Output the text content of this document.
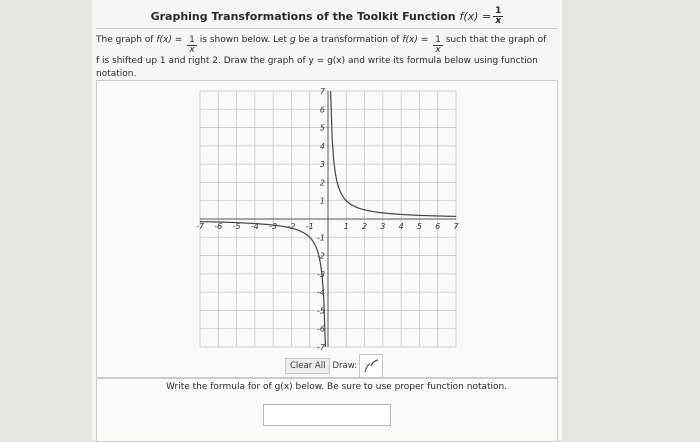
Graphing Transformations of the Toolkit Function
$f(x) = \frac{1}{x}$
The graph of $f(x) = \frac{1}{x}$ is shown below. Let g be a transformation of $f(x) = \frac{1}{x}$ such that the graph of
f is shifted up 1 and right 2. Draw the graph of y = g(x) and write its formula below using function
notation.
-7 -6 -5 -4 -3 -2 -1	1 2 3 4 5 6 7
7
6
5
4
3
2
1
-1
-2
-3
-4
-5
-6
-7
Clear All Draw:
Write the formula for of g(x) below. Be sure to use proper function notation.
